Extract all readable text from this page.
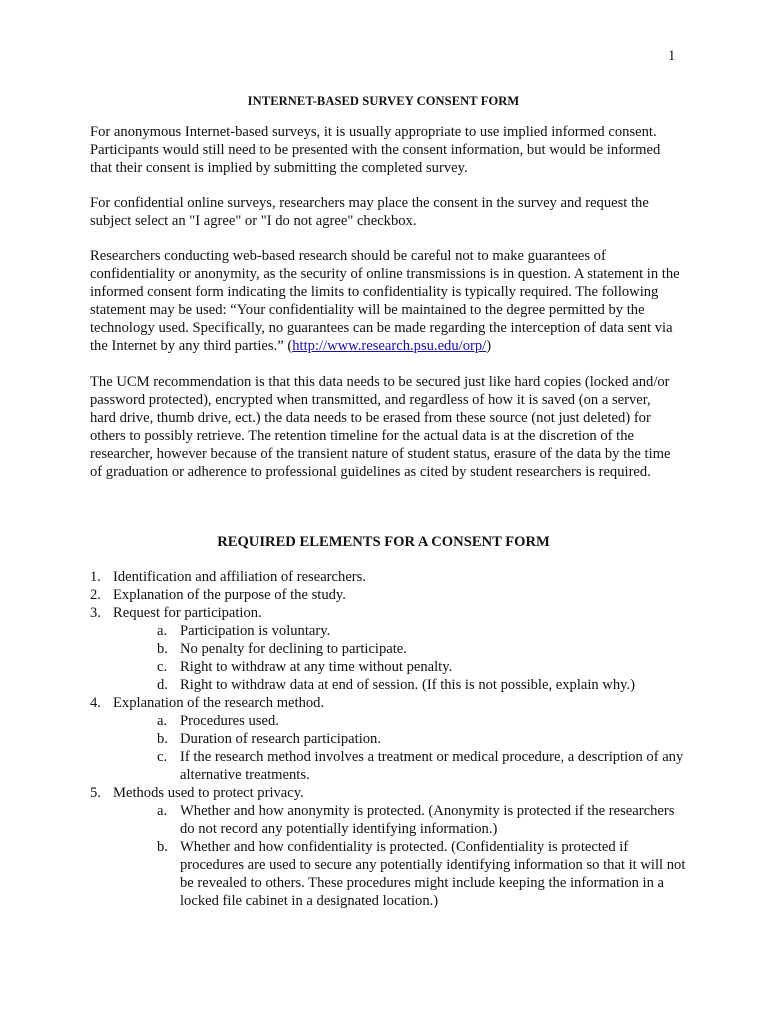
1
INTERNET-BASED SURVEY CONSENT FORM

For anonymous Internet-based surveys, it is usually appropriate to use implied informed consent. Participants would still need to be presented with the consent information, but would be informed that their consent is implied by submitting the completed survey.

For confidential online surveys, researchers may place the consent in the survey and request the subject select an "I agree" or "I do not agree" checkbox.

Researchers conducting web-based research should be careful not to make guarantees of confidentiality or anonymity, as the security of online transmissions is in question. A statement in the informed consent form indicating the limits to confidentiality is typically required. The following statement may be used: “Your confidentiality will be maintained to the degree permitted by the technology used. Specifically, no guarantees can be made regarding the interception of data sent via the Internet by any third parties.” (http://www.research.psu.edu/orp/)

The UCM recommendation is that this data needs to be secured just like hard copies (locked and/or password protected), encrypted when transmitted, and regardless of how it is saved (on a server, hard drive, thumb drive, ect.) the data needs to be erased from these source (not just deleted) for others to possibly retrieve. The retention timeline for the actual data is at the discretion of the researcher, however because of the transient nature of student status, erasure of the data by the time of graduation or adherence to professional guidelines as cited by student researchers is required.

REQUIRED ELEMENTS FOR A CONSENT FORM
1. Identification and affiliation of researchers.
2. Explanation of the purpose of the study.
3. Request for participation.
a. Participation is voluntary.
b. No penalty for declining to participate.
c. Right to withdraw at any time without penalty.
d. Right to withdraw data at end of session. (If this is not possible, explain why.)
4. Explanation of the research method.
a. Procedures used.
b. Duration of research participation.
c. If the research method involves a treatment or medical procedure, a description of any alternative treatments.
5. Methods used to protect privacy.
a. Whether and how anonymity is protected. (Anonymity is protected if the researchers do not record any potentially identifying information.)
b. Whether and how confidentiality is protected. (Confidentiality is protected if procedures are used to secure any potentially identifying information so that it will not be revealed to others. These procedures might include keeping the information in a locked file cabinet in a designated location.)
